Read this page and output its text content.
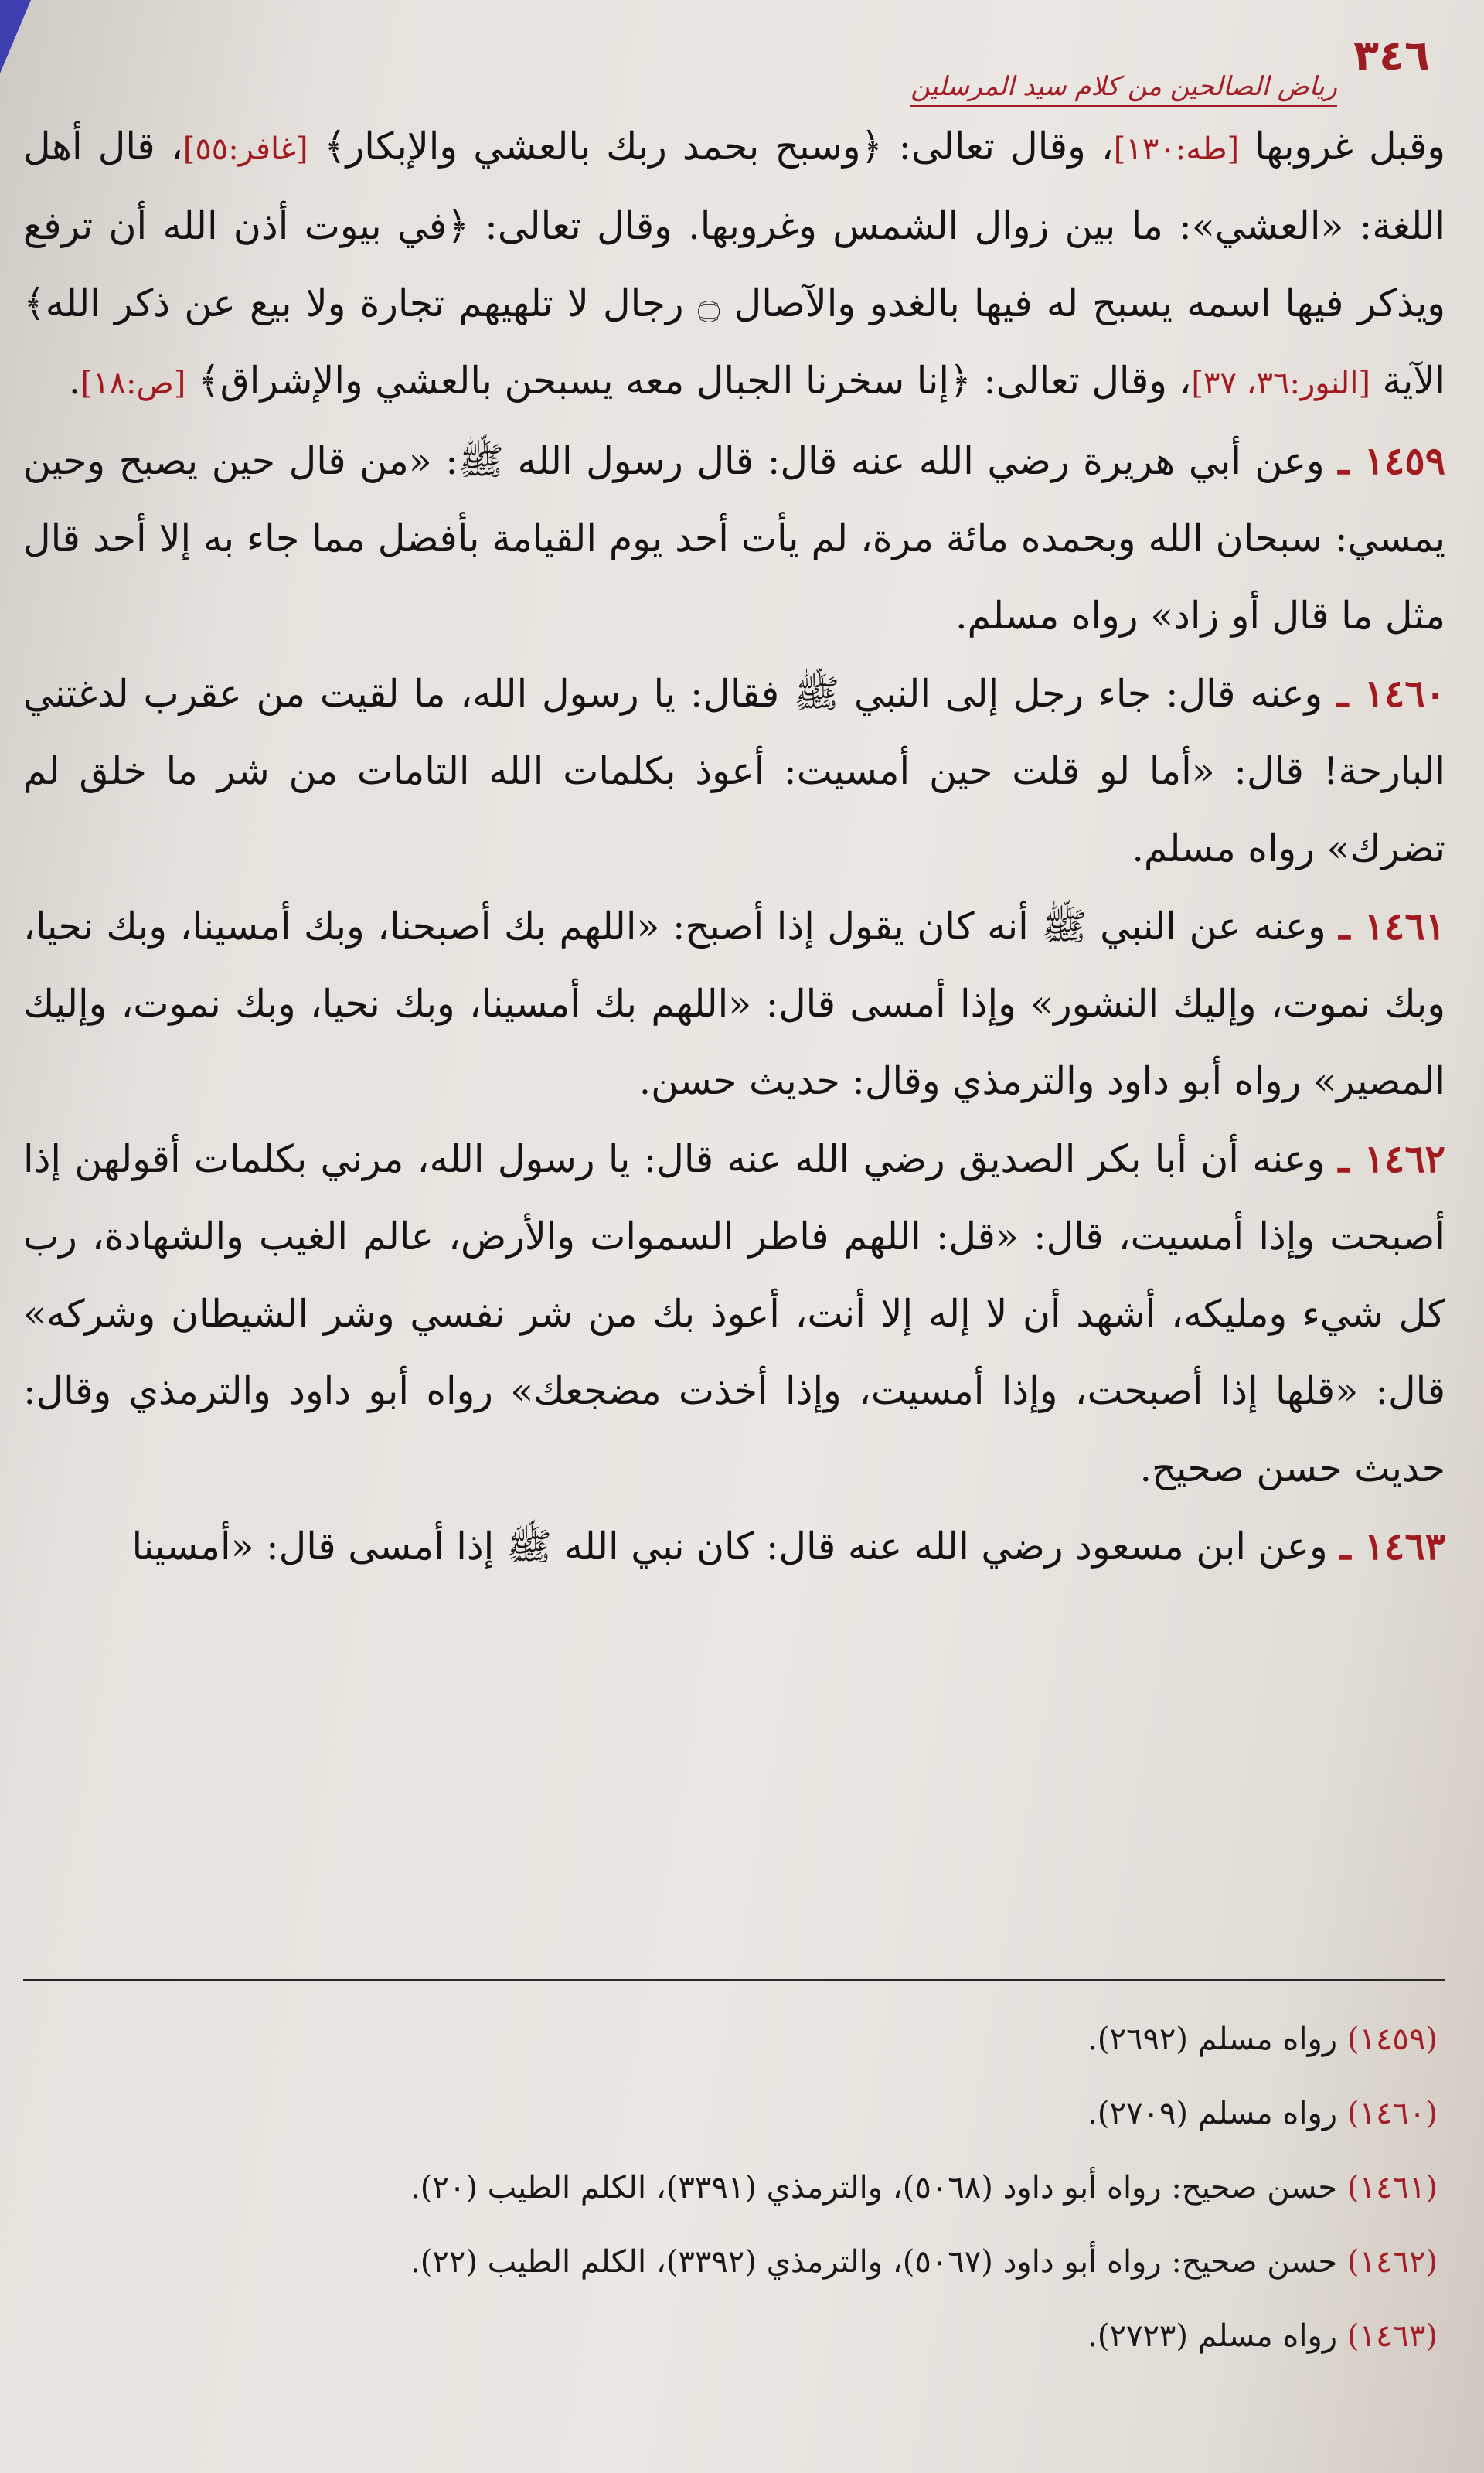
٣٤٦
رياض الصالحين من كلام سيد المرسلين

وقبل غروبها [طه:١٣٠]، وقال تعالى: ﴿وسبح بحمد ربك بالعشي والإبكار﴾ [غافر:٥٥]، قال أهل اللغة: «العشي»: ما بين زوال الشمس وغروبها. وقال تعالى: ﴿في بيوت أذن الله أن ترفع ويذكر فيها اسمه يسبح له فيها بالغدو والآصال ۝ رجال لا تلهيهم تجارة ولا بيع عن ذكر الله﴾ الآية [النور:٣٦، ٣٧]، وقال تعالى: ﴿إنا سخرنا الجبال معه يسبحن بالعشي والإشراق﴾ [ص:١٨].

١٤٥٩ ـ وعن أبي هريرة رضي الله عنه قال: قال رسول الله ﷺ: «من قال حين يصبح وحين يمسي: سبحان الله وبحمده مائة مرة، لم يأت أحد يوم القيامة بأفضل مما جاء به إلا أحد قال مثل ما قال أو زاد» رواه مسلم.

١٤٦٠ ـ وعنه قال: جاء رجل إلى النبي ﷺ فقال: يا رسول الله، ما لقيت من عقرب لدغتني البارحة! قال: «أما لو قلت حين أمسيت: أعوذ بكلمات الله التامات من شر ما خلق لم تضرك» رواه مسلم.

١٤٦١ ـ وعنه عن النبي ﷺ أنه كان يقول إذا أصبح: «اللهم بك أصبحنا، وبك أمسينا، وبك نحيا، وبك نموت، وإليك النشور» وإذا أمسى قال: «اللهم بك أمسينا، وبك نحيا، وبك نموت، وإليك المصير» رواه أبو داود والترمذي وقال: حديث حسن.

١٤٦٢ ـ وعنه أن أبا بكر الصديق رضي الله عنه قال: يا رسول الله، مرني بكلمات أقولهن إذا أصبحت وإذا أمسيت، قال: «قل: اللهم فاطر السموات والأرض، عالم الغيب والشهادة، رب كل شيء ومليكه، أشهد أن لا إله إلا أنت، أعوذ بك من شر نفسي وشر الشيطان وشركه» قال: «قلها إذا أصبحت، وإذا أمسيت، وإذا أخذت مضجعك» رواه أبو داود والترمذي وقال: حديث حسن صحيح.

١٤٦٣ ـ وعن ابن مسعود رضي الله عنه قال: كان نبي الله ﷺ إذا أمسى قال: «أمسينا

(١٤٥٩) رواه مسلم (٢٦٩٢).

(١٤٦٠) رواه مسلم (٢٧٠٩).

(١٤٦١) حسن صحيح: رواه أبو داود (٥٠٦٨)، والترمذي (٣٣٩١)، الكلم الطيب (٢٠).

(١٤٦٢) حسن صحيح: رواه أبو داود (٥٠٦٧)، والترمذي (٣٣٩٢)، الكلم الطيب (٢٢).

(١٤٦٣) رواه مسلم (٢٧٢٣).
